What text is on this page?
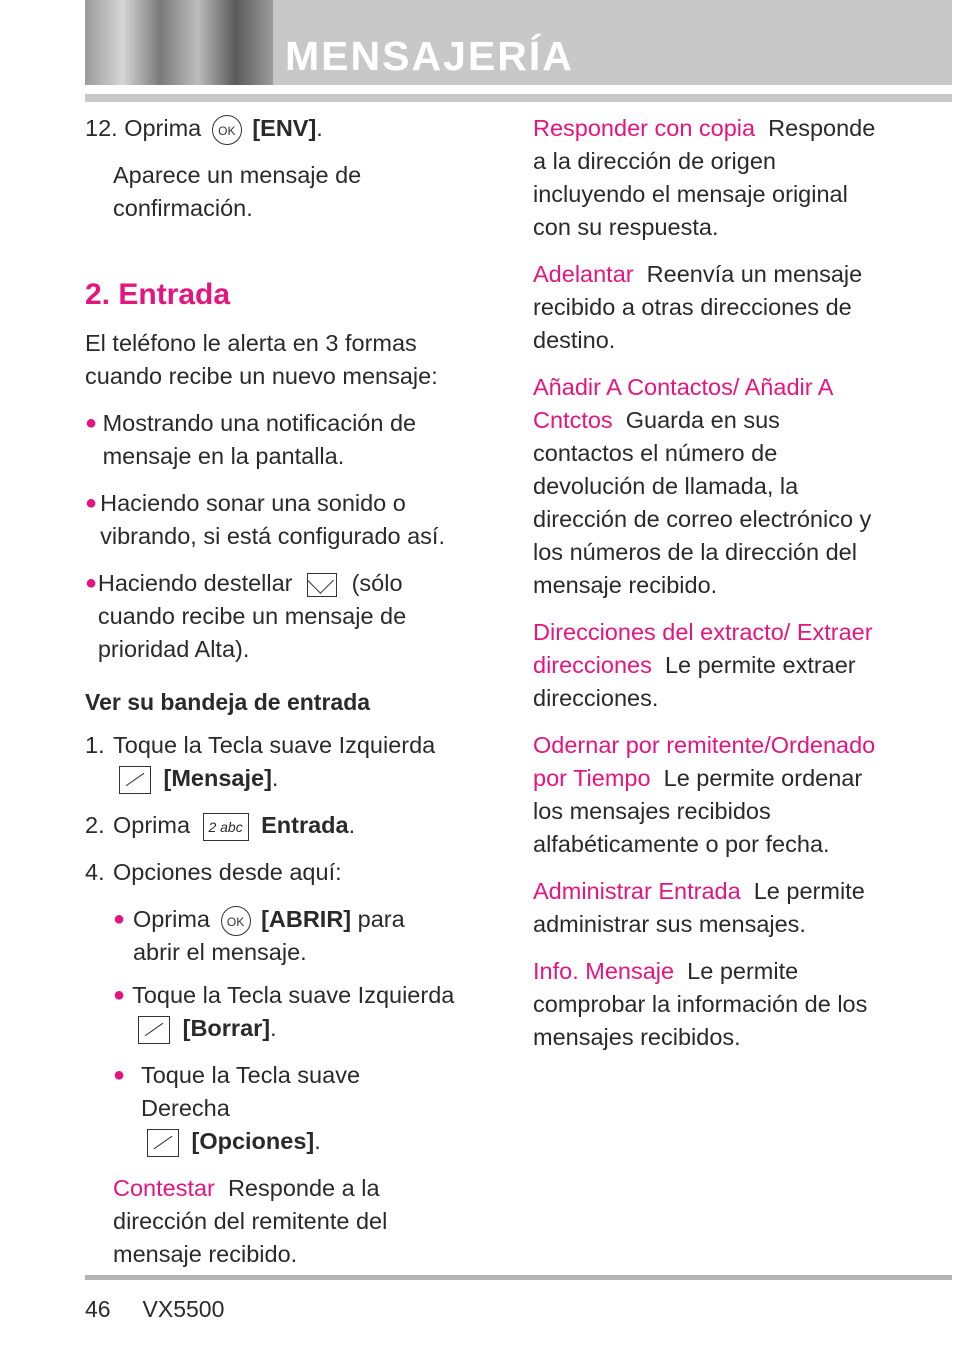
MENSAJERÍA

12. Oprima OK [ENV].

Aparece un mensaje de confirmación.

2. Entrada

El teléfono le alerta en 3 formas cuando recibe un nuevo mensaje:

● Mostrando una notificación de mensaje en la pantalla.
● Haciendo sonar una sonido o vibrando, si está configurado así.
● Haciendo destellar	(sólo cuando recibe un mensaje de prioridad Alta).
Ver su bandeja de entrada
1. Toque la Tecla suave Izquierda
[Mensaje].
2. Oprima 2 abc Entrada.
4. Opciones desde aquí:
● Oprima OK [ABRIR] para abrir el mensaje.
● Toque la Tecla suave Izquierda  [Borrar].
● Toque la Tecla suave Derecha
[Opciones].

Contestar Responde a la dirección del remitente del mensaje recibido.

Responder con copia Responde a la dirección de origen incluyendo el mensaje original con su respuesta.

Adelantar Reenvía un mensaje recibido a otras direcciones de destino.

Añadir A Contactos/ Añadir A Cntctos Guarda en sus contactos el número de devolución de llamada, la dirección de correo electrónico y los números de la dirección del mensaje recibido.

Direcciones del extracto/ Extraer direcciones Le permite extraer direcciones.

Odernar por remitente/Ordenado por Tiempo Le permite ordenar los mensajes recibidos alfabéticamente o por fecha.

Administrar Entrada Le permite administrar sus mensajes.

Info. Mensaje Le permite comprobar la información de los mensajes recibidos.

46 VX5500
